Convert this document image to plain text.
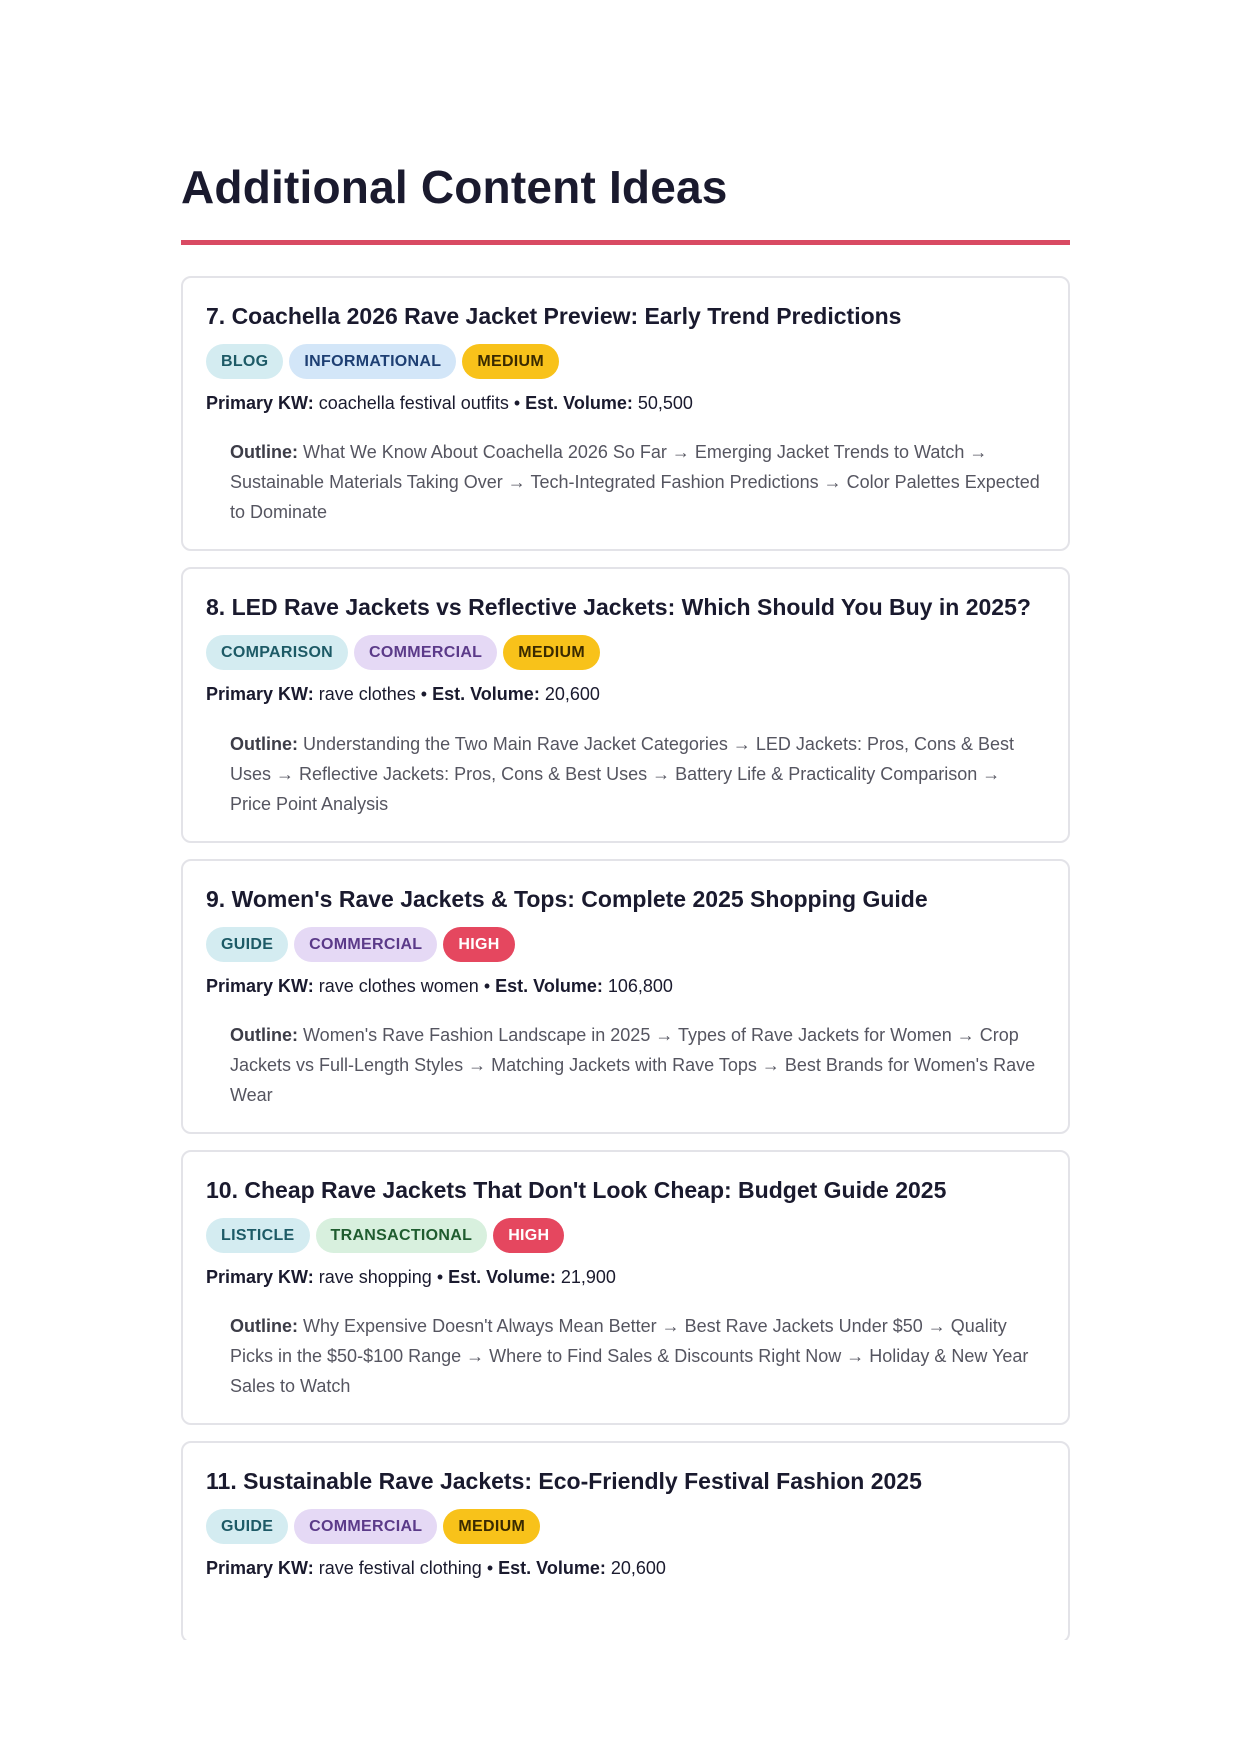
Additional Content Ideas
7. Coachella 2026 Rave Jacket Preview: Early Trend Predictions
BLOG	INFORMATIONAL	MEDIUM
Primary KW: coachella festival outfits • Est. Volume: 50,500
Outline: What We Know About Coachella 2026 So Far → Emerging Jacket Trends to Watch → Sustainable Materials Taking Over → Tech-Integrated Fashion Predictions → Color Palettes Expected to Dominate
8. LED Rave Jackets vs Reflective Jackets: Which Should You Buy in 2025?
COMPARISON	COMMERCIAL	MEDIUM
Primary KW: rave clothes • Est. Volume: 20,600
Outline: Understanding the Two Main Rave Jacket Categories → LED Jackets: Pros, Cons & Best Uses → Reflective Jackets: Pros, Cons & Best Uses → Battery Life & Practicality Comparison → Price Point Analysis
9. Women's Rave Jackets & Tops: Complete 2025 Shopping Guide
GUIDE	COMMERCIAL	HIGH
Primary KW: rave clothes women • Est. Volume: 106,800
Outline: Women's Rave Fashion Landscape in 2025 → Types of Rave Jackets for Women → Crop Jackets vs Full-Length Styles → Matching Jackets with Rave Tops → Best Brands for Women's Rave Wear
10. Cheap Rave Jackets That Don't Look Cheap: Budget Guide 2025
LISTICLE	TRANSACTIONAL	HIGH
Primary KW: rave shopping • Est. Volume: 21,900
Outline: Why Expensive Doesn't Always Mean Better → Best Rave Jackets Under $50 → Quality Picks in the $50-$100 Range → Where to Find Sales & Discounts Right Now → Holiday & New Year Sales to Watch
11. Sustainable Rave Jackets: Eco-Friendly Festival Fashion 2025
GUIDE	COMMERCIAL	MEDIUM
Primary KW: rave festival clothing • Est. Volume: 20,600
